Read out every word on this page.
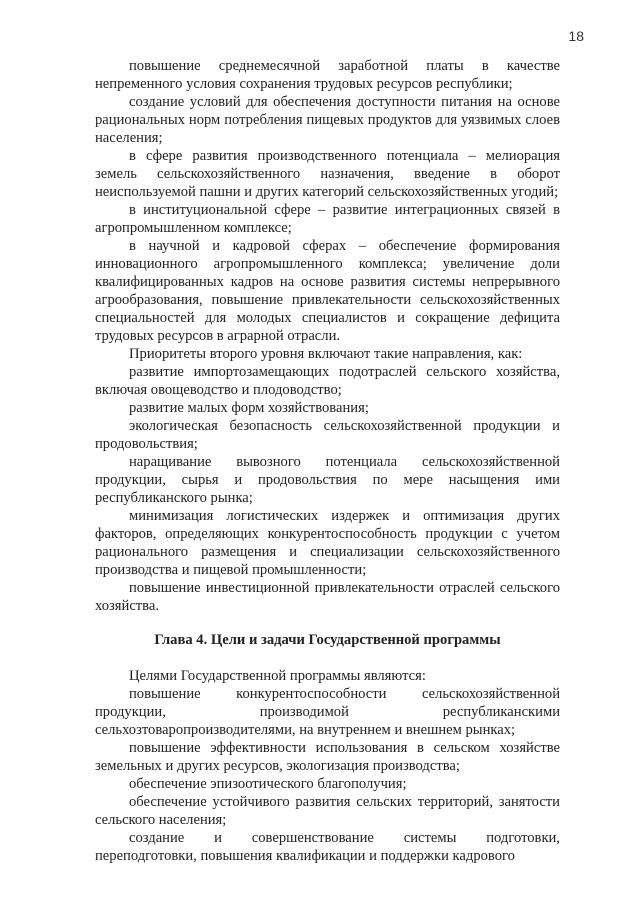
18

повышение среднемесячной заработной платы в качестве непременного условия сохранения трудовых ресурсов республики;

создание условий для обеспечения доступности питания на основе рациональных норм потребления пищевых продуктов для уязвимых слоев населения;

в сфере развития производственного потенциала – мелиорация земель сельскохозяйственного назначения, введение в оборот неиспользуемой пашни и других категорий сельскохозяйственных угодий;

в институциональной сфере – развитие интеграционных связей в агропромышленном комплексе;

в научной и кадровой сферах – обеспечение формирования инновационного агропромышленного комплекса; увеличение доли квалифицированных кадров на основе развития системы непрерывного агрообразования, повышение привлекательности сельскохозяйственных специальностей для молодых специалистов и сокращение дефицита трудовых ресурсов в аграрной отрасли.

Приоритеты второго уровня включают такие направления, как:

развитие импортозамещающих подотраслей сельского хозяйства, включая овощеводство и плодоводство;

развитие малых форм хозяйствования;

экологическая безопасность сельскохозяйственной продукции и продовольствия;

наращивание вывозного потенциала сельскохозяйственной продукции, сырья и продовольствия по мере насыщения ими республиканского рынка;

минимизация логистических издержек и оптимизация других факторов, определяющих конкурентоспособность продукции с учетом рационального размещения и специализации сельскохозяйственного производства и пищевой промышленности;

повышение инвестиционной привлекательности отраслей сельского хозяйства.

Глава 4. Цели и задачи Государственной программы

Целями Государственной программы являются:

повышение конкурентоспособности сельскохозяйственной продукции, производимой республиканскими сельхозтоваропроизводителями, на внутреннем и внешнем рынках;

повышение эффективности использования в сельском хозяйстве земельных и других ресурсов, экологизация производства;

обеспечение эпизоотического благополучия;

обеспечение устойчивого развития сельских территорий, занятости сельского населения;

создание и совершенствование системы подготовки, переподготовки, повышения квалификации и поддержки кадрового
